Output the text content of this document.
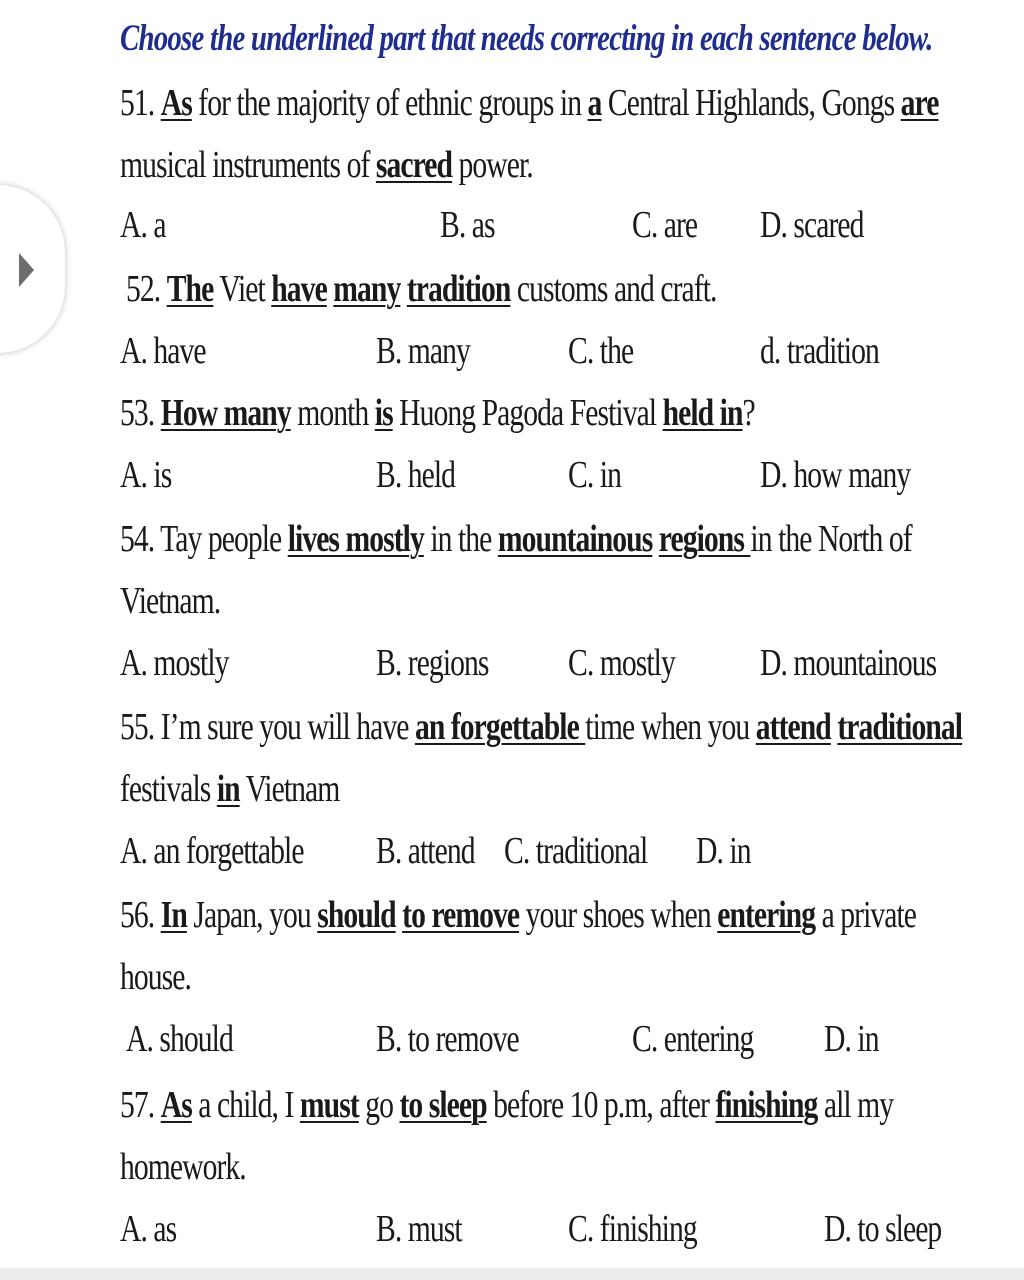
Choose the underlined part that needs correcting in each sentence below.
51. As for the majority of ethnic groups in a Central Highlands, Gongs are
musical instruments of sacred power.
A. a	B. as	C. are D. scared
52. The Viet have many tradition customs and craft.
A. have	B. many	C. the	d. tradition
53. How many month is Huong Pagoda Festival held in?
A. is	B. held	C. in	D. how many
54. Tay people lives mostly in the mountainous regions in the North of
Vietnam.
A. mostly	B. regions C. mostly D. mountainous
55. I’m sure you will have an forgettable time when you attend traditional
festivals in Vietnam
A. an forgettable B. attend C. traditional D. in
56. In Japan, you should to remove your shoes when entering a private
house.
A. should	B. to remove	C. entering D. in
57. As a child, I must go to sleep before 10 p.m, after finishing all my
homework.
A. as	B. must	C. finishing	D. to sleep
